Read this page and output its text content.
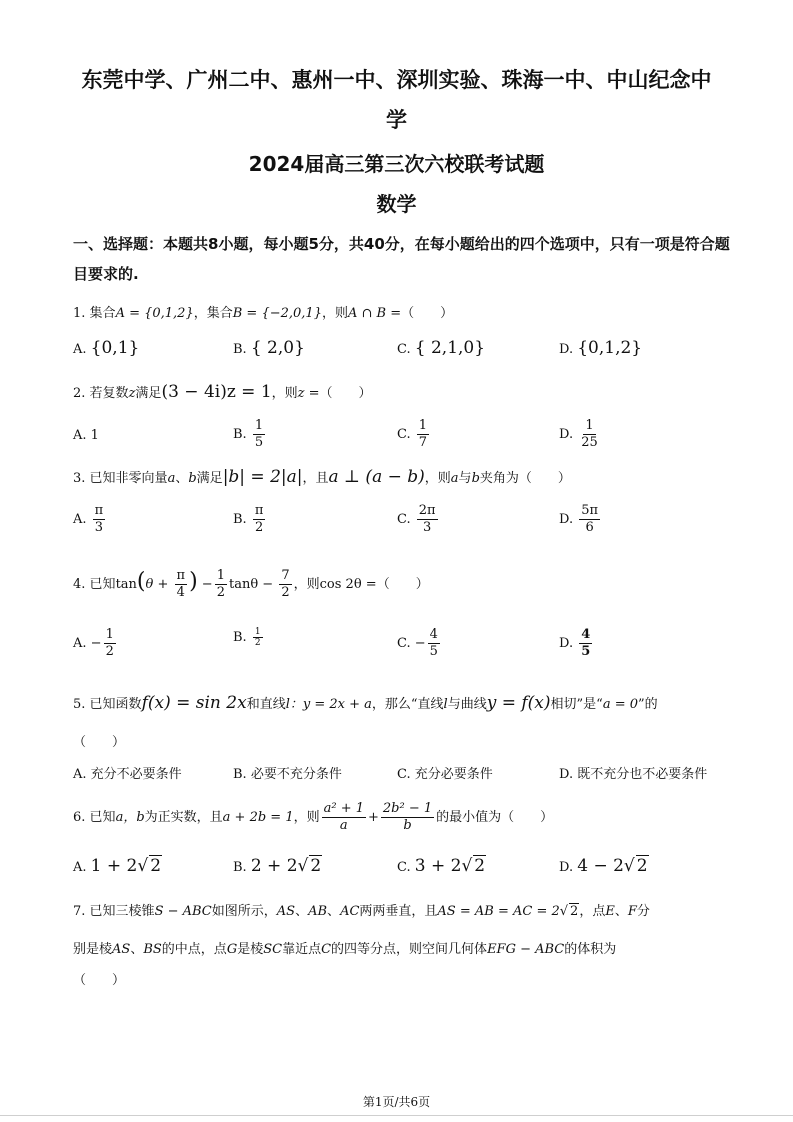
东莞中学、广州二中、惠州一中、深圳实验、珠海一中、中山纪念中
学
2024届高三第三次六校联考试题
数学
一、选择题：本题共8小题，每小题5分，共40分，在每小题给出的四个选项中，只有一项是符合题目要求的.
1. 集合A = {0,1,2}，集合B = {−2,0,1}，则A ∩ B =（　　）
A. {0,1}	B. { 2,0}	C. { 2,1,0}	D. {0,1,2}
2. 若复数z满足(3 − 4i)z = 1，则z =（　　）
A. 1	B. $\frac{1}{5}$	C. $\frac{1}{7}$	D. $\frac{1}{25}$
3. 已知非零向量a、b满足|b| = 2|a|，且a ⊥ (a − b)，则a与b夹角为（　　）
A. $\frac{\pi}{3}$	B. $\frac{\pi}{2}$	C. $\frac{2\pi}{3}$	D. $\frac{5\pi}{6}$
4. 已知$\tan(\theta + \frac{\pi}{4}$ ) − $\frac{1}{2}$ $\tan\theta - \frac{7}{2}$ ，则cos 2θ =（　　）
A. − $\frac{1}{2}$	B. $\frac{1}{2}$	C. − $\frac{4}{5}$	D. $\frac{4}{5}$
5. 已知函数f(x) = sin 2x和直线l：y = 2x + a，那么“直线l与曲线y = f(x)相切”是“a = 0”的
（　　）
A. 充分不必要条件	B. 必要不充分条件	C. 充分必要条件	D. 既不充分也不必要条件
6. 已知a，b为正实数，且a + 2b = 1，则 $\frac{\text{a² + 1}}{a} + \frac{\text{2b² − 1}}{b}$ 的最小值为（　　）
A. 1 + 2√ 2	B. 2 + 2√ 2	C. 3 + 2√ 2	D. 4 − 2√ 2
7. 已知三棱锥S − ABC如图所示，AS、AB、AC两两垂直，且AS = AB = AC = 2√ 2，点E、F分
别是棱AS、BS的中点，点G是棱SC靠近点C的四等分点，则空间几何体EFG − ABC的体积为
（　　）
第1页/共6页
